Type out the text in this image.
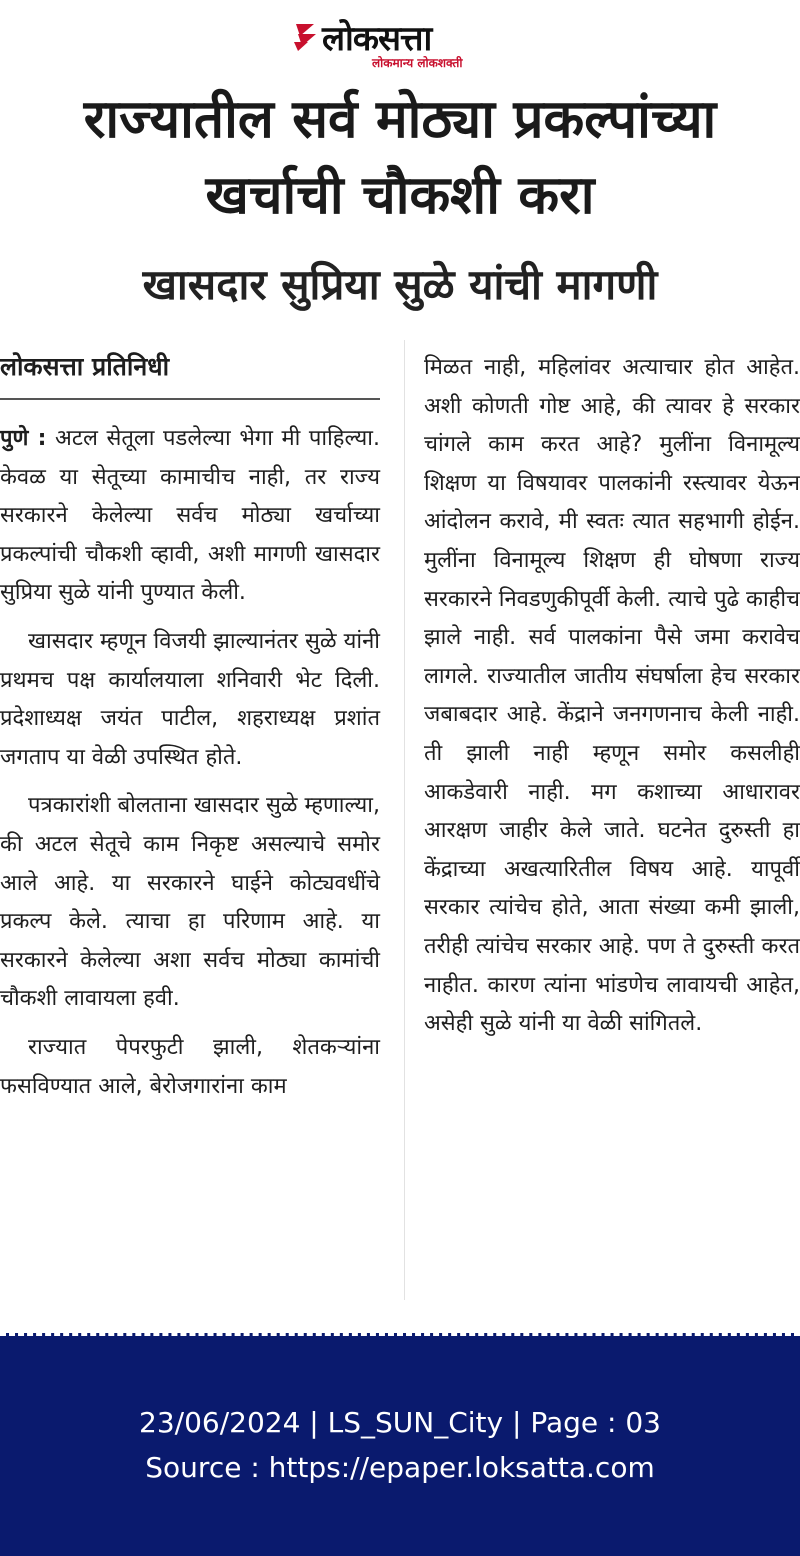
लोकसत्ता
लोकमान्य लोकशक्ती
राज्यातील सर्व मोठ्या प्रकल्पांच्या
खर्चाची चौकशी करा
खासदार सुप्रिया सुळे यांची मागणी
लोकसत्ता प्रतिनिधी

पुणे : अटल सेतूला पडलेल्या भेगा मी पाहिल्या. केवळ या सेतूच्या कामाचीच नाही, तर राज्य सरकारने केलेल्या सर्वच मोठ्या खर्चाच्या प्रकल्पांची चौकशी व्हावी, अशी मागणी खासदार सुप्रिया सुळे यांनी पुण्यात केली.

खासदार म्हणून विजयी झाल्यानंतर सुळे यांनी प्रथमच पक्ष कार्यालयाला शनिवारी भेट दिली. प्रदेशाध्यक्ष जयंत पाटील, शहराध्यक्ष प्रशांत जगताप या वेळी उपस्थित होते.

पत्रकारांशी बोलताना खासदार सुळे म्हणाल्या, की अटल सेतूचे काम निकृष्ट असल्याचे समोर आले आहे. या सरकारने घाईने कोट्यवधींचे प्रकल्प केले. त्याचा हा परिणाम आहे. या सरकारने केलेल्या अशा सर्वच मोठ्या कामांची चौकशी लावायला हवी.

राज्यात पेपरफुटी झाली, शेतकऱ्यांना फसविण्यात आले, बेरोजगारांना काम

मिळत नाही, महिलांवर अत्याचार होत आहेत. अशी कोणती गोष्ट आहे, की त्यावर हे सरकार चांगले काम करत आहे? मुलींना विनामूल्य शिक्षण या विषयावर पालकांनी रस्त्यावर येऊन आंदोलन करावे, मी स्वतः त्यात सहभागी होईन. मुलींना विनामूल्य शिक्षण ही घोषणा राज्य सरकारने निवडणुकीपूर्वी केली. त्याचे पुढे काहीच झाले नाही. सर्व पालकांना पैसे जमा करावेच लागले. राज्यातील जातीय संघर्षाला हेच सरकार जबाबदार आहे. केंद्राने जनगणनाच केली नाही. ती झाली नाही म्हणून समोर कसलीही आकडेवारी नाही. मग कशाच्या आधारावर आरक्षण जाहीर केले जाते. घटनेत दुरुस्ती हा केंद्राच्या अखत्यारितील विषय आहे. यापूर्वी सरकार त्यांचेच होते, आता संख्या कमी झाली, तरीही त्यांचेच सरकार आहे. पण ते दुरुस्ती करत नाहीत. कारण त्यांना भांडणेच लावायची आहेत, असेही सुळे यांनी या वेळी सांगितले.

23/06/2024 | LS_SUN_City | Page : 03
Source : https://epaper.loksatta.com
